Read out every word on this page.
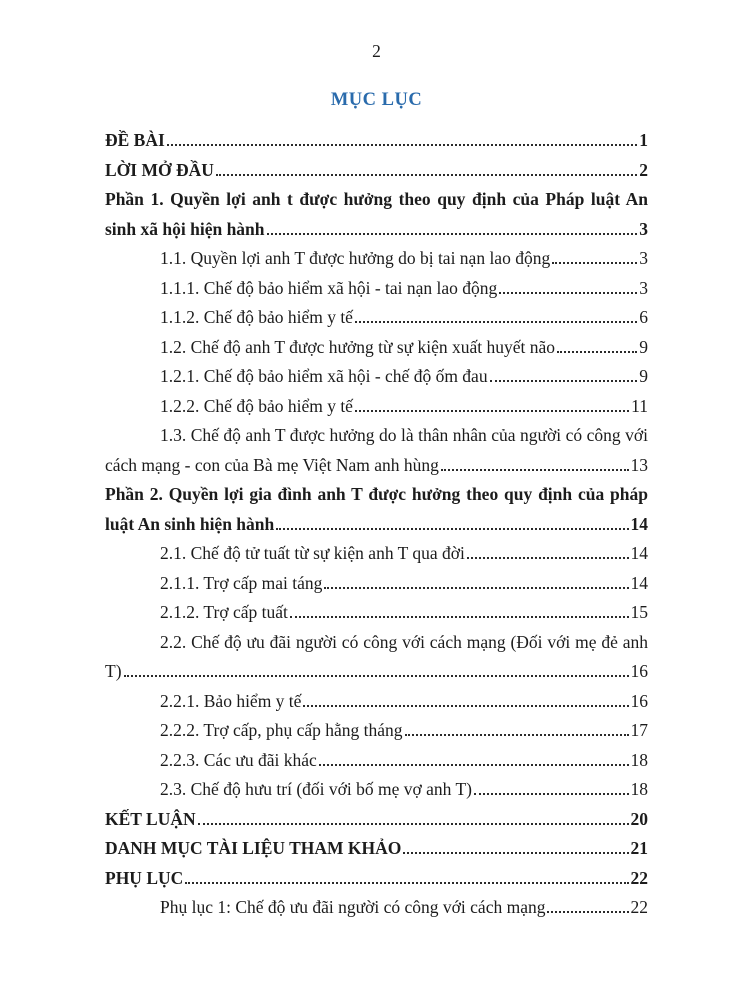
2
MỤC LỤC
ĐỀ BÀI	1
LỜI MỞ ĐẦU	2
Phần 1. Quyền lợi anh t được hưởng theo quy định của Pháp luật An
sinh xã hội hiện hành	3
1.1. Quyền lợi anh T được hưởng do bị tai nạn lao động	3
1.1.1. Chế độ bảo hiểm xã hội - tai nạn lao động	3
1.1.2. Chế độ bảo hiểm y tế	6
1.2. Chế độ anh T được hưởng từ sự kiện xuất huyết não	9
1.2.1. Chế độ bảo hiểm xã hội - chế độ ốm đau	9
1.2.2. Chế độ bảo hiểm y tế	11
1.3. Chế độ anh T được hưởng do là thân nhân của người có công với
cách mạng - con của Bà mẹ Việt Nam anh hùng	13
Phần 2. Quyền lợi gia đình anh T được hưởng theo quy định của pháp
luật An sinh hiện hành	14
2.1. Chế độ tử tuất từ sự kiện anh T qua đời	14
2.1.1. Trợ cấp mai táng	14
2.1.2. Trợ cấp tuất	15
2.2. Chế độ ưu đãi người có công với cách mạng (Đối với mẹ đẻ anh
T)	16
2.2.1. Bảo hiểm y tế	16
2.2.2. Trợ cấp, phụ cấp hằng tháng	17
2.2.3. Các ưu đãi khác	18
2.3. Chế độ hưu trí (đối với bố mẹ vợ anh T)	18
KẾT LUẬN	20
DANH MỤC TÀI LIỆU THAM KHẢO	21
PHỤ LỤC	22
Phụ lục 1: Chế độ ưu đãi người có công với cách mạng	22
